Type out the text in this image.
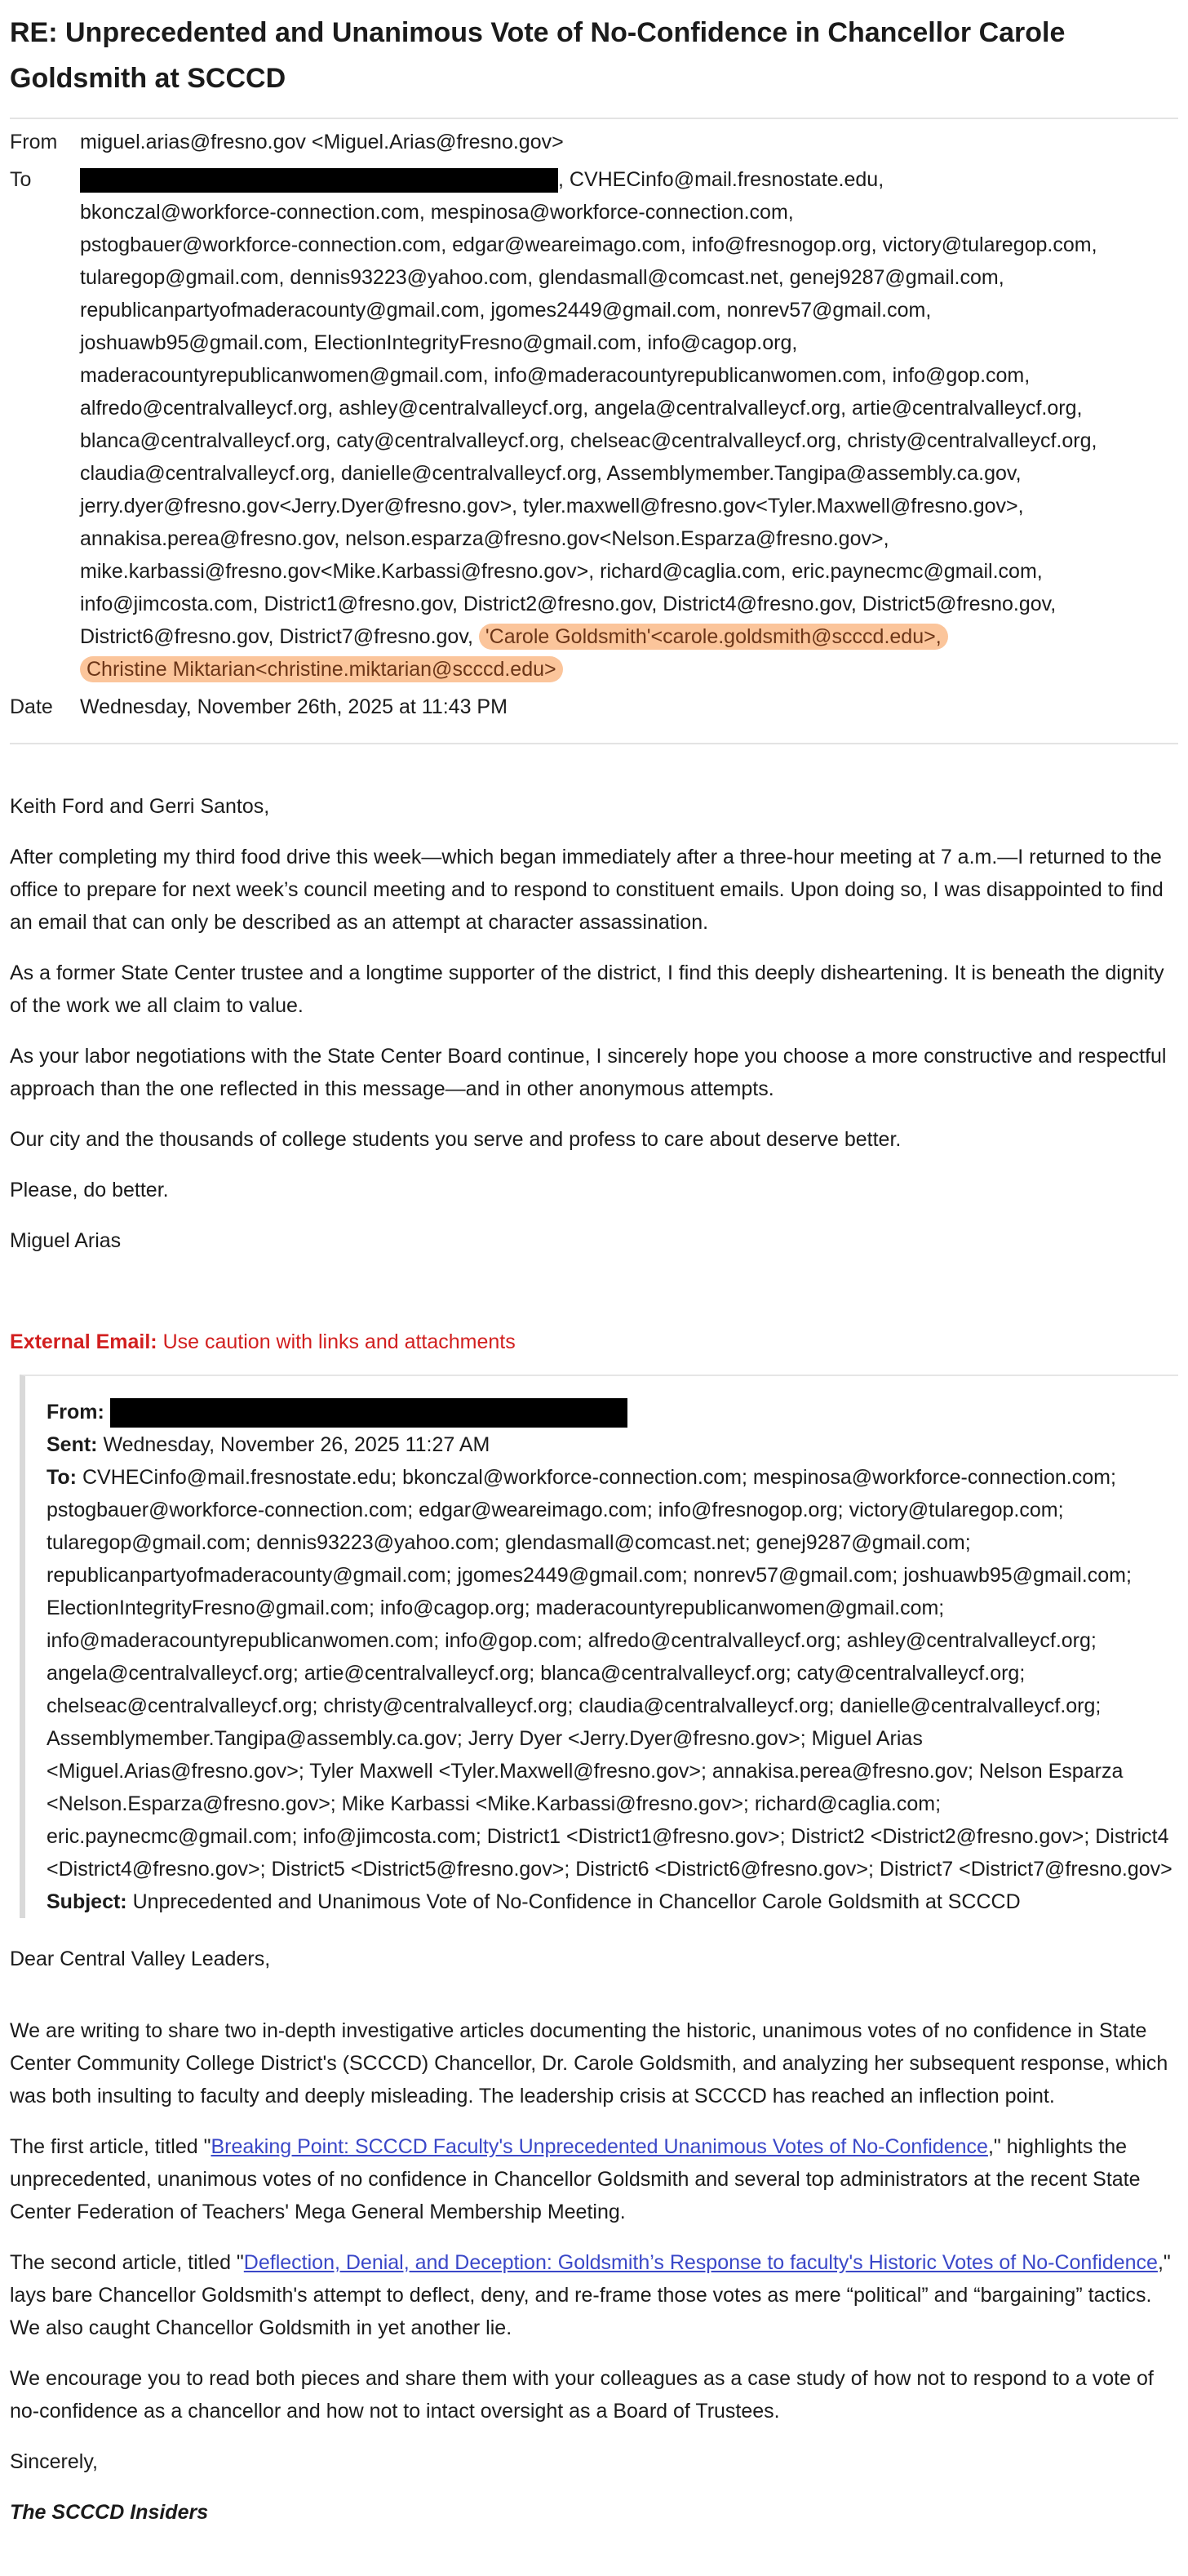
RE: Unprecedented and Unanimous Vote of No-Confidence in Chancellor Carole Goldsmith at SCCCD
From	miguel.arias@fresno.gov <Miguel.Arias@fresno.gov>
To	, CVHECinfo@mail.fresnostate.edu,
bkonczal@workforce-connection.com, mespinosa@workforce-connection.com,
pstogbauer@workforce-connection.com, edgar@weareimago.com, info@fresnogop.org, victory@tularegop.com,
tularegop@gmail.com, dennis93223@yahoo.com, glendasmall@comcast.net, genej9287@gmail.com,
republicanpartyofmaderacounty@gmail.com, jgomes2449@gmail.com, nonrev57@gmail.com,
joshuawb95@gmail.com, ElectionIntegrityFresno@gmail.com, info@cagop.org,
maderacountyrepublicanwomen@gmail.com, info@maderacountyrepublicanwomen.com, info@gop.com,
alfredo@centralvalleycf.org, ashley@centralvalleycf.org, angela@centralvalleycf.org, artie@centralvalleycf.org,
blanca@centralvalleycf.org, caty@centralvalleycf.org, chelseac@centralvalleycf.org, christy@centralvalleycf.org,
claudia@centralvalleycf.org, danielle@centralvalleycf.org, Assemblymember.Tangipa@assembly.ca.gov,
jerry.dyer@fresno.gov<Jerry.Dyer@fresno.gov>, tyler.maxwell@fresno.gov<Tyler.Maxwell@fresno.gov>,
annakisa.perea@fresno.gov, nelson.esparza@fresno.gov<Nelson.Esparza@fresno.gov>,
mike.karbassi@fresno.gov<Mike.Karbassi@fresno.gov>, richard@caglia.com, eric.paynecmc@gmail.com,
info@jimcosta.com, District1@fresno.gov, District2@fresno.gov, District4@fresno.gov, District5@fresno.gov,
District6@fresno.gov, District7@fresno.gov, 'Carole Goldsmith'<carole.goldsmith@scccd.edu>,
Christine Miktarian<christine.miktarian@scccd.edu>
Date	Wednesday, November 26th, 2025 at 11:43 PM

Keith Ford and Gerri Santos,

After completing my third food drive this week—which began immediately after a three-hour meeting at 7 a.m.—I returned to the office to prepare for next week’s council meeting and to respond to constituent emails. Upon doing so, I was disappointed to find an email that can only be described as an attempt at character assassination.

As a former State Center trustee and a longtime supporter of the district, I find this deeply disheartening. It is beneath the dignity of the work we all claim to value.

As your labor negotiations with the State Center Board continue, I sincerely hope you choose a more constructive and respectful approach than the one reflected in this message—and in other anonymous attempts.

Our city and the thousands of college students you serve and profess to care about deserve better.

Please, do better.

Miguel Arias

External Email: Use caution with links and attachments
From:
Sent: Wednesday, November 26, 2025 11:27 AM
To: CVHECinfo@mail.fresnostate.edu; bkonczal@workforce-connection.com; mespinosa@workforce-connection.com; pstogbauer@workforce-connection.com; edgar@weareimago.com; info@fresnogop.org; victory@tularegop.com; tularegop@gmail.com; dennis93223@yahoo.com; glendasmall@comcast.net; genej9287@gmail.com; republicanpartyofmaderacounty@gmail.com; jgomes2449@gmail.com; nonrev57@gmail.com; joshuawb95@gmail.com; ElectionIntegrityFresno@gmail.com; info@cagop.org; maderacountyrepublicanwomen@gmail.com; info@maderacountyrepublicanwomen.com; info@gop.com; alfredo@centralvalleycf.org; ashley@centralvalleycf.org; angela@centralvalleycf.org; artie@centralvalleycf.org; blanca@centralvalleycf.org; caty@centralvalleycf.org; chelseac@centralvalleycf.org; christy@centralvalleycf.org; claudia@centralvalleycf.org; danielle@centralvalleycf.org; Assemblymember.Tangipa@assembly.ca.gov; Jerry Dyer <Jerry.Dyer@fresno.gov>; Miguel Arias <Miguel.Arias@fresno.gov>; Tyler Maxwell <Tyler.Maxwell@fresno.gov>; annakisa.perea@fresno.gov; Nelson Esparza <Nelson.Esparza@fresno.gov>; Mike Karbassi <Mike.Karbassi@fresno.gov>; richard@caglia.com; eric.paynecmc@gmail.com; info@jimcosta.com; District1 <District1@fresno.gov>; District2 <District2@fresno.gov>; District4 <District4@fresno.gov>; District5 <District5@fresno.gov>; District6 <District6@fresno.gov>; District7 <District7@fresno.gov>
Subject: Unprecedented and Unanimous Vote of No-Confidence in Chancellor Carole Goldsmith at SCCCD

Dear Central Valley Leaders,

We are writing to share two in-depth investigative articles documenting the historic, unanimous votes of no confidence in State Center Community College District's (SCCCD) Chancellor, Dr. Carole Goldsmith, and analyzing her subsequent response, which was both insulting to faculty and deeply misleading. The leadership crisis at SCCCD has reached an inflection point.

The first article, titled "Breaking Point: SCCCD Faculty's Unprecedented Unanimous Votes of No-Confidence," highlights the unprecedented, unanimous votes of no confidence in Chancellor Goldsmith and several top administrators at the recent State Center Federation of Teachers' Mega General Membership Meeting.

The second article, titled "Deflection, Denial, and Deception: Goldsmith’s Response to faculty's Historic Votes of No-Confidence," lays bare Chancellor Goldsmith's attempt to deflect, deny, and re-frame those votes as mere “political” and “bargaining” tactics. We also caught Chancellor Goldsmith in yet another lie.

We encourage you to read both pieces and share them with your colleagues as a case study of how not to respond to a vote of no-confidence as a chancellor and how not to intact oversight as a Board of Trustees.

Sincerely,

The SCCCD Insiders
